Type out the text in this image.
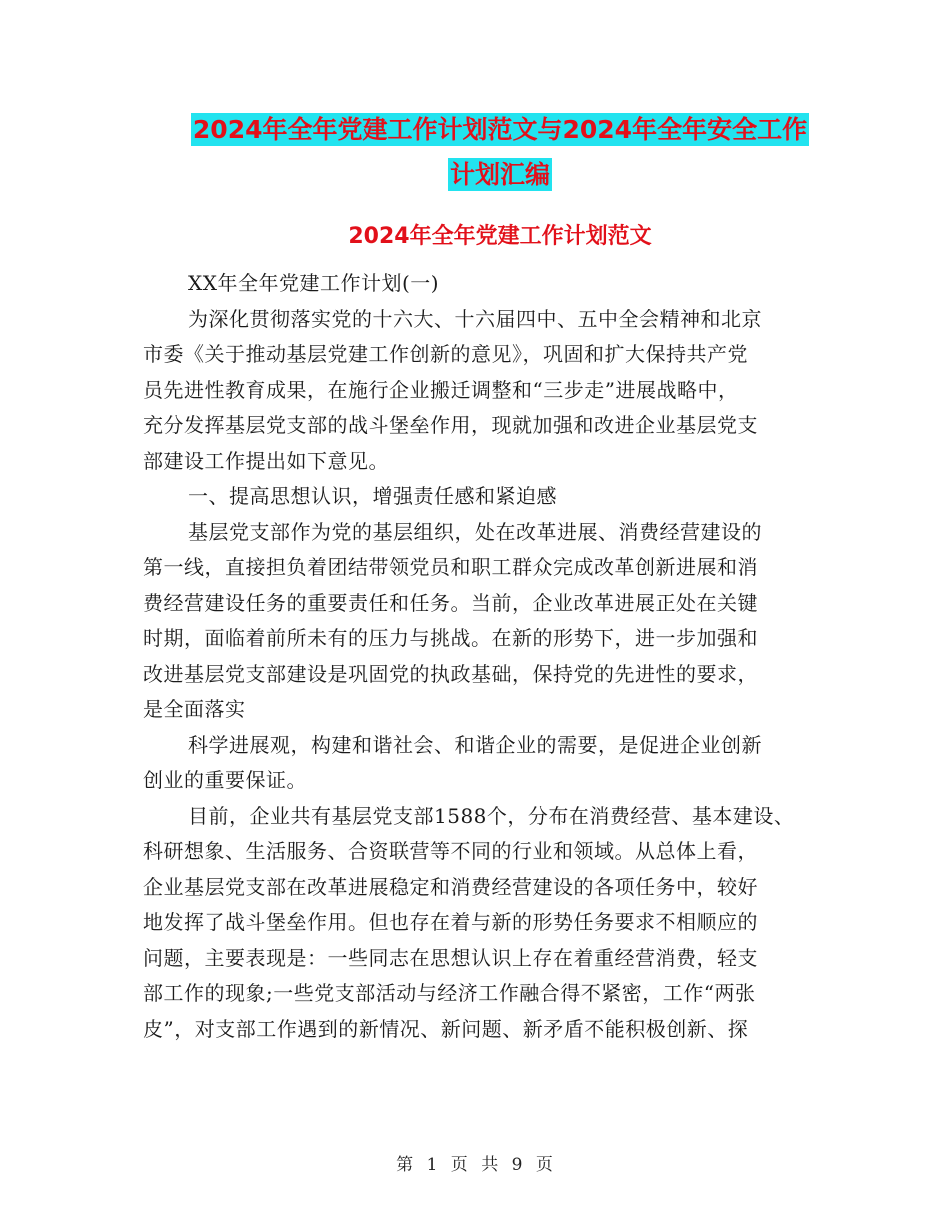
2024年全年党建工作计划范文与2024年全年安全工作
计划汇编
2024年全年党建工作计划范文

XX年全年党建工作计划(一)

为深化贯彻落实党的十六大、十六届四中、五中全会精神和北京

市委《关于推动基层党建工作创新的意见》，巩固和扩大保持共产党

员先进性教育成果，在施行企业搬迁调整和“三步走”进展战略中，

充分发挥基层党支部的战斗堡垒作用，现就加强和改进企业基层党支

部建设工作提出如下意见。

一、提高思想认识，增强责任感和紧迫感

基层党支部作为党的基层组织，处在改革进展、消费经营建设的

第一线，直接担负着团结带领党员和职工群众完成改革创新进展和消

费经营建设任务的重要责任和任务。当前，企业改革进展正处在关键

时期，面临着前所未有的压力与挑战。在新的形势下，进一步加强和

改进基层党支部建设是巩固党的执政基础，保持党的先进性的要求，

是全面落实

科学进展观，构建和谐社会、和谐企业的需要，是促进企业创新

创业的重要保证。

目前，企业共有基层党支部1588个，分布在消费经营、基本建设、

科研想象、生活服务、合资联营等不同的行业和领域。从总体上看，

企业基层党支部在改革进展稳定和消费经营建设的各项任务中，较好

地发挥了战斗堡垒作用。但也存在着与新的形势任务要求不相顺应的

问题，主要表现是：一些同志在思想认识上存在着重经营消费，轻支

部工作的现象;一些党支部活动与经济工作融合得不紧密，工作“两张

皮”，对支部工作遇到的新情况、新问题、新矛盾不能积极创新、探

第 1 页 共 9 页
